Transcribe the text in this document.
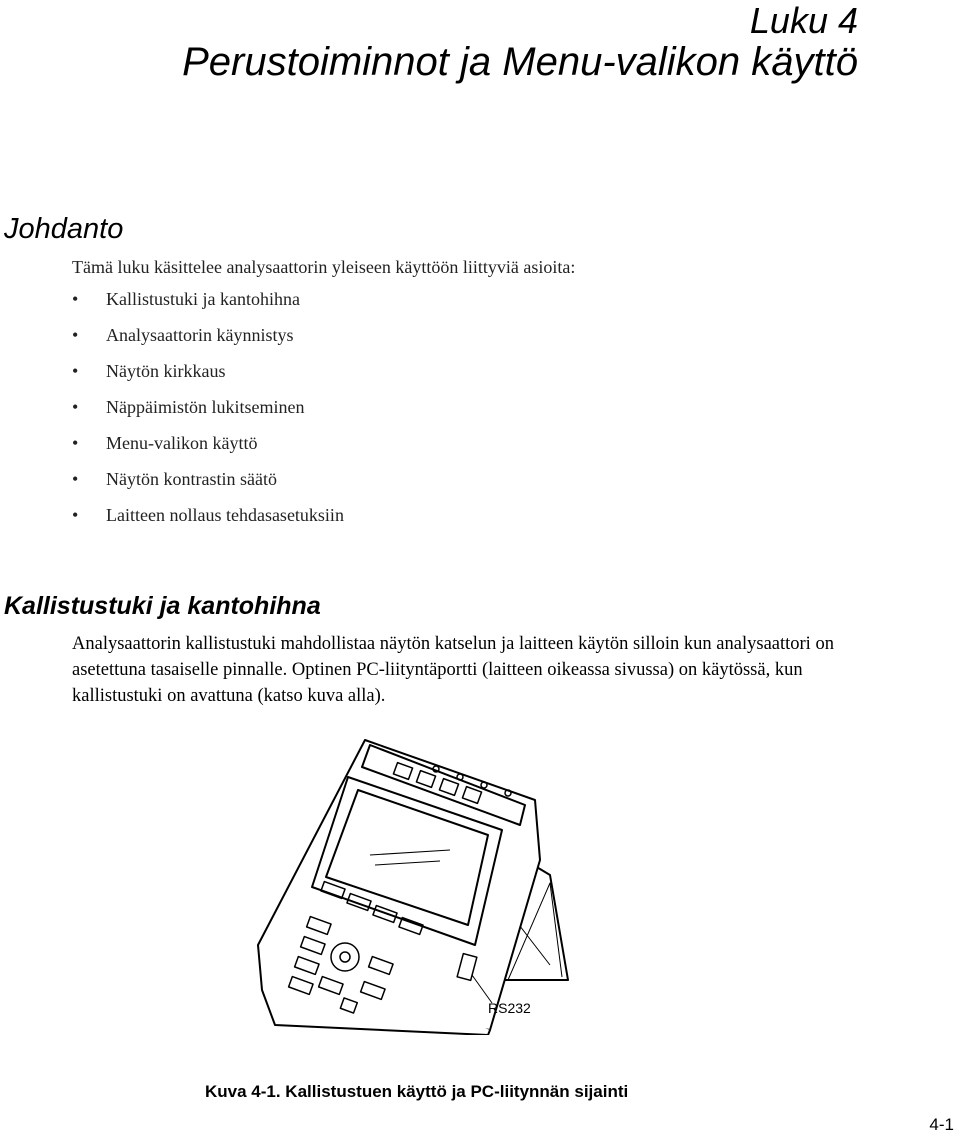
Luku 4
Perustoiminnot ja Menu-valikon käyttö
Johdanto
Tämä luku käsittelee analysaattorin yleiseen käyttöön liittyviä asioita:
• Kallistustuki ja kantohihna
• Analysaattorin käynnistys
• Näytön kirkkaus
• Näppäimistön lukitseminen
• Menu-valikon käyttö
• Näytön kontrastin säätö
• Laitteen nollaus tehdasasetuksiin
Kallistustuki ja kantohihna
Analysaattorin kallistustuki mahdollistaa näytön katselun ja laitteen käytön silloin kun analysaattori on asetettuna tasaiselle pinnalle. Optinen PC-liityntäportti (laitteen oikeassa sivussa) on käytössä, kun kallistustuki on avattuna (katso kuva alla).
RS232
Kuva 4-1. Kallistustuen käyttö ja PC-liitynnän sijainti
4-1
